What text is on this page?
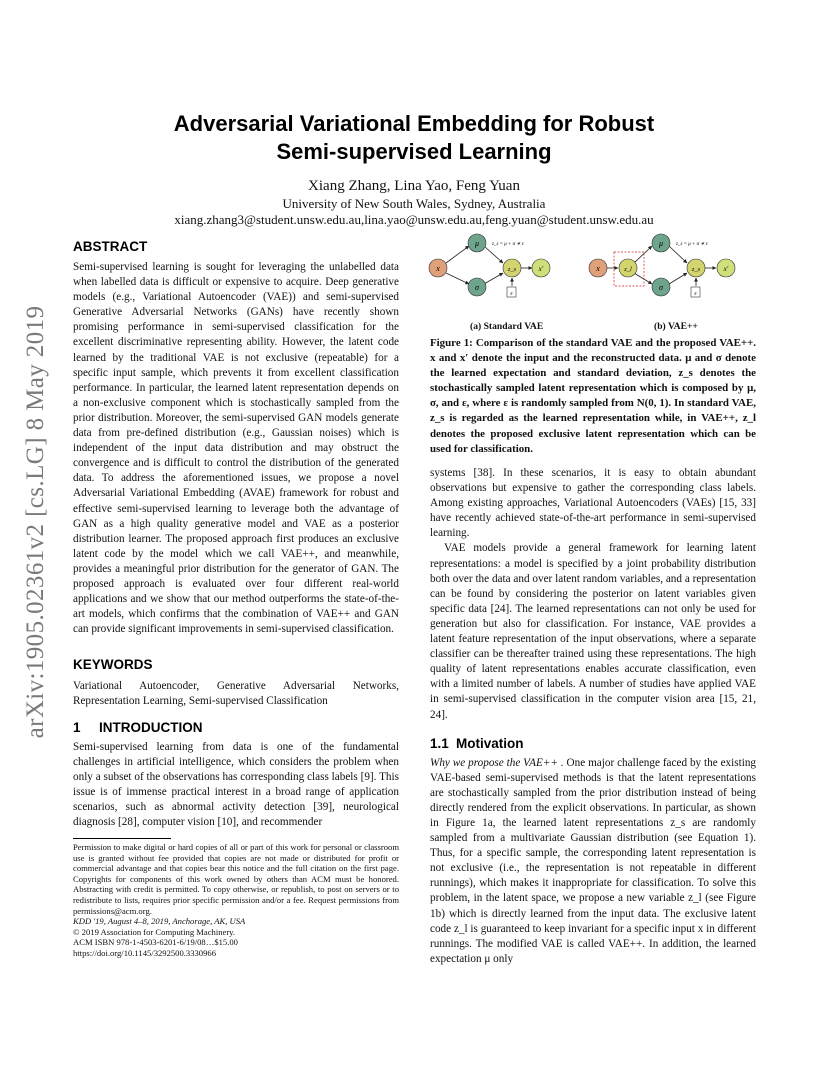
arXiv:1905.02361v2 [cs.LG] 8 May 2019
Adversarial Variational Embedding for Robust
Semi-supervised Learning
Xiang Zhang, Lina Yao, Feng Yuan
University of New South Wales, Sydney, Australia
xiang.zhang3@student.unsw.edu.au,lina.yao@unsw.edu.au,feng.yuan@student.unsw.edu.au
ABSTRACT
Semi-supervised learning is sought for leveraging the unlabelled data when labelled data is difficult or expensive to acquire. Deep generative models (e.g., Variational Autoencoder (VAE)) and semi-supervised Generative Adversarial Networks (GANs) have recently shown promising performance in semi-supervised classification for the excellent discriminative representing ability. However, the latent code learned by the traditional VAE is not exclusive (repeatable) for a specific input sample, which prevents it from excellent classification performance. In particular, the learned latent representation depends on a non-exclusive component which is stochastically sampled from the prior distribution. Moreover, the semi-supervised GAN models generate data from pre-defined distribution (e.g., Gaussian noises) which is independent of the input data distribution and may obstruct the convergence and is difficult to control the distribution of the generated data. To address the aforementioned issues, we propose a novel Adversarial Variational Embedding (AVAE) framework for robust and effective semi-supervised learning to leverage both the advantage of GAN as a high quality generative model and VAE as a posterior distribution learner. The proposed approach first produces an exclusive latent code by the model which we call VAE++, and meanwhile, provides a meaningful prior distribution for the generator of GAN. The proposed approach is evaluated over four different real-world applications and we show that our method outperforms the state-of-the-art models, which confirms that the combination of VAE++ and GAN can provide significant improvements in semi-supervised classification.
KEYWORDS
Variational Autoencoder, Generative Adversarial Networks, Representation Learning, Semi-supervised Classification
1 INTRODUCTION
Semi-supervised learning from data is one of the fundamental challenges in artificial intelligence, which considers the problem when only a subset of the observations has corresponding class labels [9]. This issue is of immense practical interest in a broad range of application scenarios, such as abnormal activity detection [39], neurological diagnosis [28], computer vision [10], and recommender

Permission to make digital or hard copies of all or part of this work for personal or classroom use is granted without fee provided that copies are not made or distributed for profit or commercial advantage and that copies bear this notice and the full citation on the first page. Copyrights for components of this work owned by others than ACM must be honored. Abstracting with credit is permitted. To copy otherwise, or republish, to post on servers or to redistribute to lists, requires prior specific permission and/or a fee. Request permissions from permissions@acm.org.

KDD '19, August 4–8, 2019, Anchorage, AK, USA
© 2019 Association for Computing Machinery.
ACM ISBN 978-1-4503-6201-6/19/08…$15.00
https://doi.org/10.1145/3292500.3330966
x
μ
σ
z_s	x′
ε
z_s = μ + σ ∗ ε
x	z_l
μ
σ
z_s	x′
ε
z_s = μ + σ ∗ ε
(a) Standard VAE	(b) VAE++
Figure 1: Comparison of the standard VAE and the proposed VAE++. x and x′ denote the input and the reconstructed data. μ and σ denote the learned expectation and standard deviation, z_s denotes the stochastically sampled latent representation which is composed by μ, σ, and ε, where ε is randomly sampled from N(0, 1). In standard VAE, z_s is regarded as the learned representation while, in VAE++, z_l denotes the proposed exclusive latent representation which can be used for classification.
systems [38]. In these scenarios, it is easy to obtain abundant observations but expensive to gather the corresponding class labels. Among existing approaches, Variational Autoencoders (VAEs) [15, 33] have recently achieved state-of-the-art performance in semi-supervised learning.
VAE models provide a general framework for learning latent representations: a model is specified by a joint probability distribution both over the data and over latent random variables, and a representation can be found by considering the posterior on latent variables given specific data [24]. The learned representations can not only be used for generation but also for classification. For instance, VAE provides a latent feature representation of the input observations, where a separate classifier can be thereafter trained using these representations. The high quality of latent representations enables accurate classification, even with a limited number of labels. A number of studies have applied VAE in semi-supervised classification in the computer vision area [15, 21, 24].
1.1 Motivation
Why we propose the VAE++ . One major challenge faced by the existing VAE-based semi-supervised methods is that the latent representations are stochastically sampled from the prior distribution instead of being directly rendered from the explicit observations. In particular, as shown in Figure 1a, the learned latent representations z_s are randomly sampled from a multivariate Gaussian distribution (see Equation 1). Thus, for a specific sample, the corresponding latent representation is not exclusive (i.e., the representation is not repeatable in different runnings), which makes it inappropriate for classification. To solve this problem, in the latent space, we propose a new variable z_l (see Figure 1b) which is directly learned from the input data. The exclusive latent code z_l is guaranteed to keep invariant for a specific input x in different runnings. The modified VAE is called VAE++. In addition, the learned expectation μ only
